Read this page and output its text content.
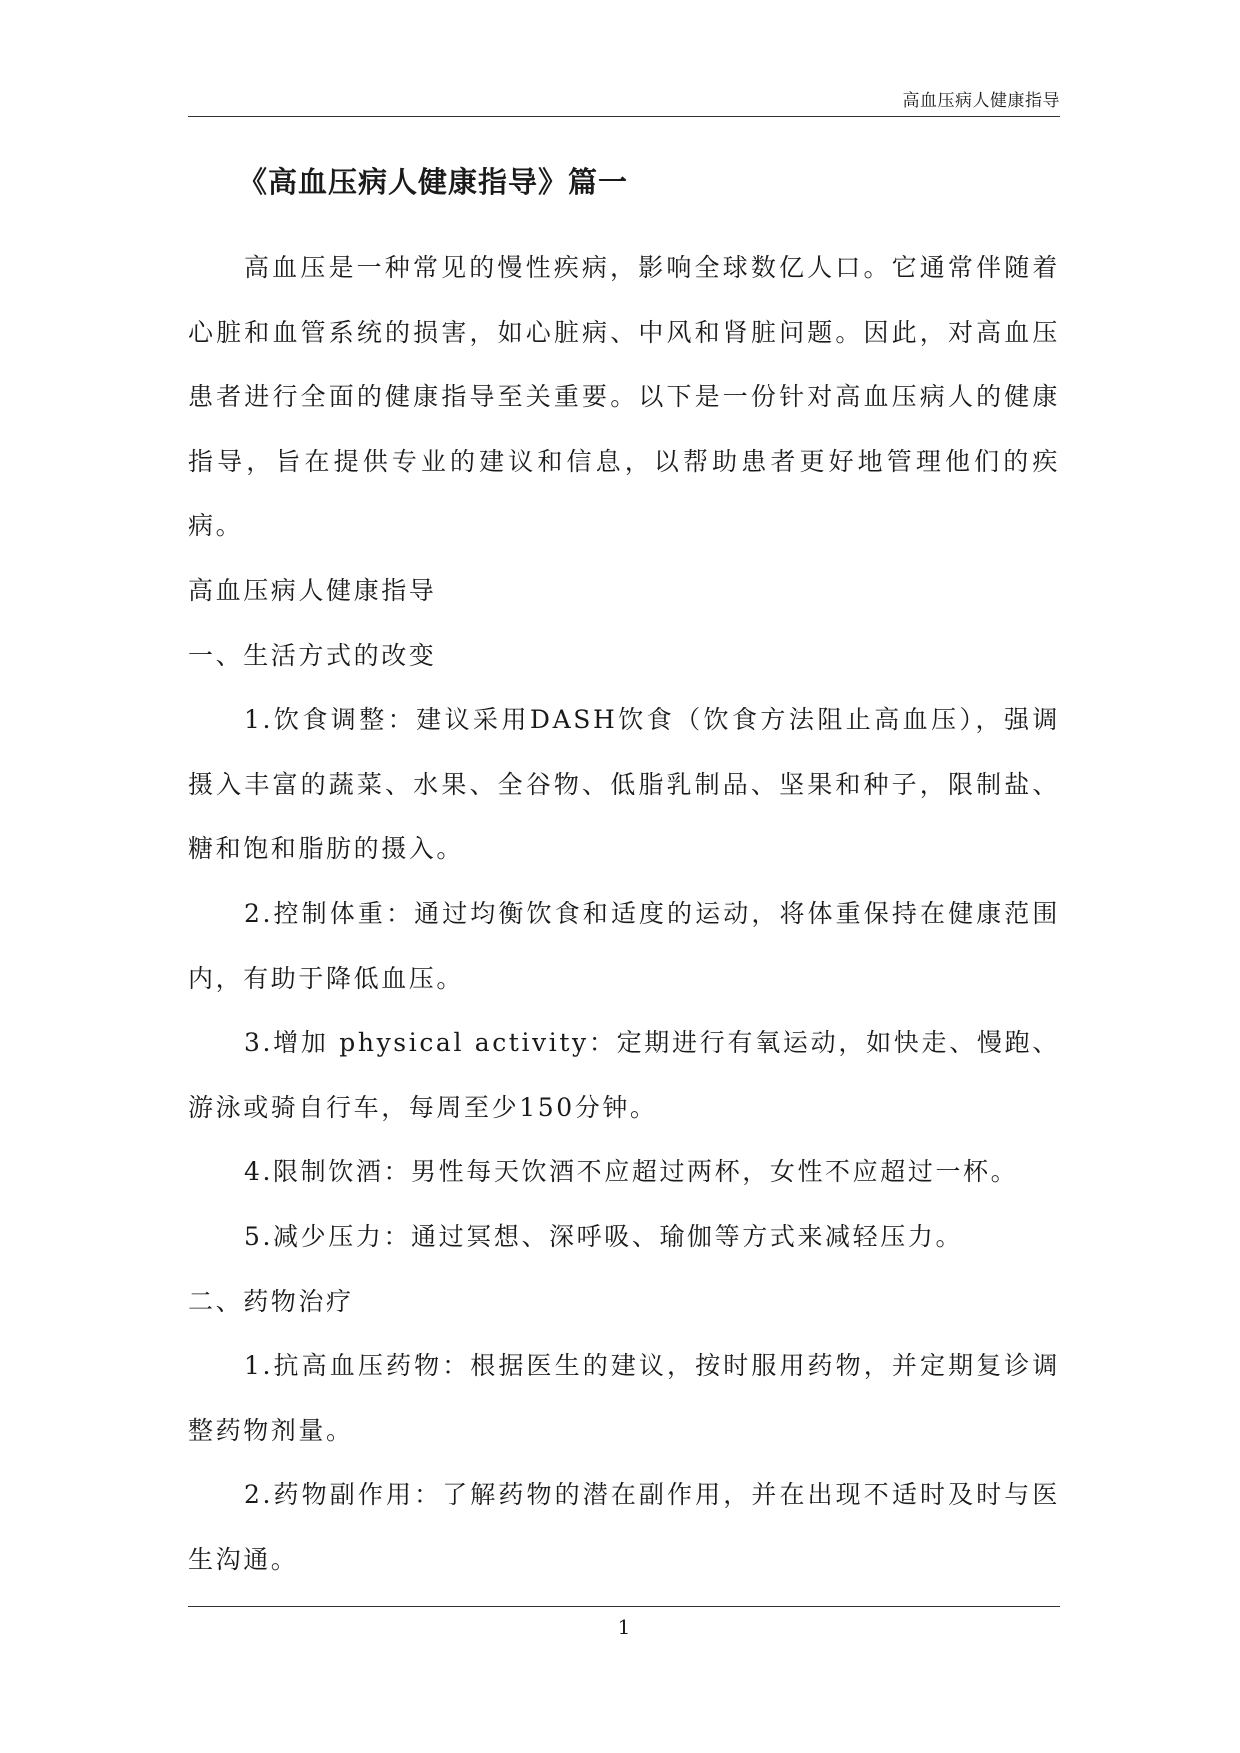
高血压病人健康指导
《高血压病人健康指导》篇一

高血压是一种常见的慢性疾病，影响全球数亿人口。它通常伴随着心脏和血管系统的损害，如心脏病、中风和肾脏问题。因此，对高血压患者进行全面的健康指导至关重要。以下是一份针对高血压病人的健康指导，旨在提供专业的建议和信息，以帮助患者更好地管理他们的疾病。

高血压病人健康指导

一、生活方式的改变

1.饮食调整：建议采用DASH饮食（饮食方法阻止高血压），强调摄入丰富的蔬菜、水果、全谷物、低脂乳制品、坚果和种子，限制盐、糖和饱和脂肪的摄入。

2.控制体重：通过均衡饮食和适度的运动，将体重保持在健康范围内，有助于降低血压。

3.增加 physical activity：定期进行有氧运动，如快走、慢跑、游泳或骑自行车，每周至少150分钟。

4.限制饮酒：男性每天饮酒不应超过两杯，女性不应超过一杯。

5.减少压力：通过冥想、深呼吸、瑜伽等方式来减轻压力。

二、药物治疗

1.抗高血压药物：根据医生的建议，按时服用药物，并定期复诊调整药物剂量。

2.药物副作用：了解药物的潜在副作用，并在出现不适时及时与医生沟通。

1
